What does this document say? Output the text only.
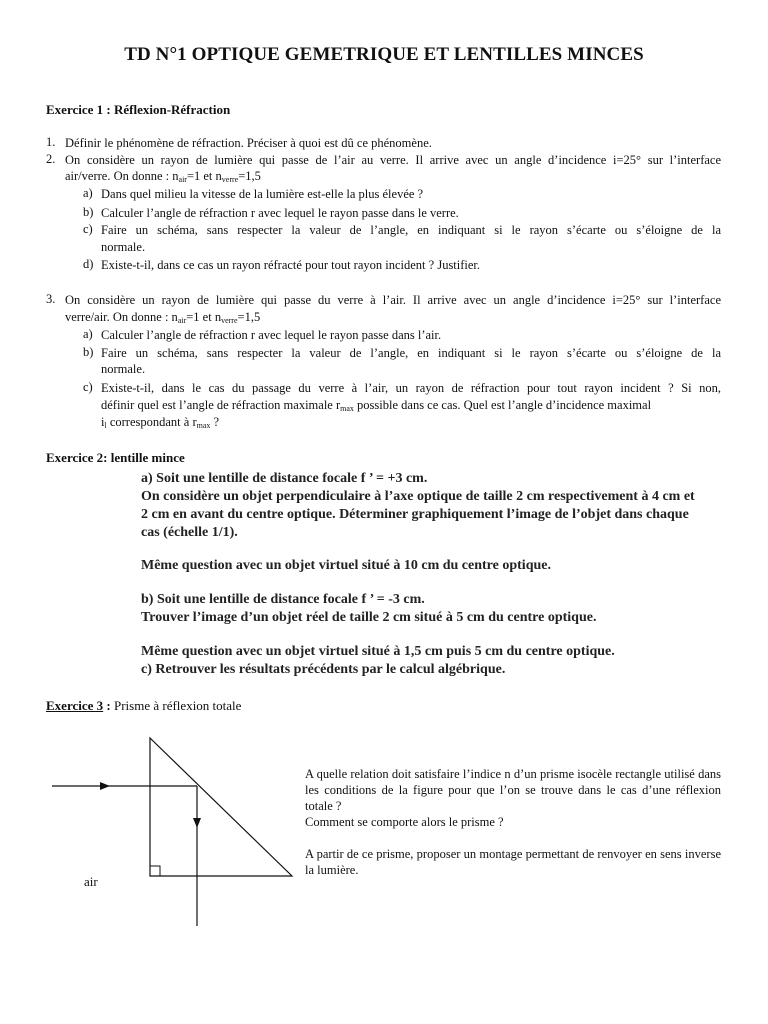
TD N°1 OPTIQUE GEMETRIQUE ET LENTILLES MINCES
Exercice 1 : Réflexion-Réfraction
1. Définir le phénomène de réfraction. Préciser à quoi est dû ce phénomène.
2. On considère un rayon de lumière qui passe de l’air au verre. Il arrive avec un angle d’incidence i=25° sur l’interface
air/verre. On donne : $n_{air}=1$ et $n_{verre}=1,5$
a) Dans quel milieu la vitesse de la lumière est-elle la plus élevée ?
b) Calculer l’angle de réfraction r avec lequel le rayon passe dans le verre.
c) Faire un schéma, sans respecter la valeur de l’angle, en indiquant si le rayon s’écarte ou s’éloigne de la
normale.
d) Existe-t-il, dans ce cas un rayon réfracté pour tout rayon incident ? Justifier.
3. On considère un rayon de lumière qui passe du verre à l’air. Il arrive avec un angle d’incidence i=25° sur l’interface
verre/air. On donne : $n_{air}=1$ et $n_{verre}=1,5$
a) Calculer l’angle de réfraction r avec lequel le rayon passe dans l’air.
b) Faire un schéma, sans respecter la valeur de l’angle, en indiquant si le rayon s’écarte ou s’éloigne de la
normale.
c) Existe-t-il, dans le cas du passage du verre à l’air, un rayon de réfraction pour tout rayon incident ? Si non,
définir quel est l’angle de réfraction maximale $r_{max}$ possible dans ce cas. Quel est l’angle d’incidence maximal
$i_l$ correspondant à $r_{max}$ ?
Exercice 2: lentille mince
a) Soit une lentille de distance focale f ’ = +3 cm.
On considère un objet perpendiculaire à l’axe optique de taille 2 cm respectivement à 4 cm et
2 cm en avant du centre optique. Déterminer graphiquement l’image de l’objet dans chaque
cas (échelle 1/1).
Même question avec un objet virtuel situé à 10 cm du centre optique.
b) Soit une lentille de distance focale f ’ = -3 cm.
Trouver l’image d’un objet réel de taille 2 cm situé à 5 cm du centre optique.
Même question avec un objet virtuel situé à 1,5 cm puis 5 cm du centre optique.
c) Retrouver les résultats précédents par le calcul algébrique.
Exercice 3 : Prisme à réflexion totale
air

A quelle relation doit satisfaire l’indice n d’un prisme isocèle rectangle utilisé dans les conditions de la figure pour que l’on se trouve dans le cas d’une réflexion totale ?

Comment se comporte alors le prisme ?

A partir de ce prisme, proposer un montage permettant de renvoyer en sens inverse la lumière.
